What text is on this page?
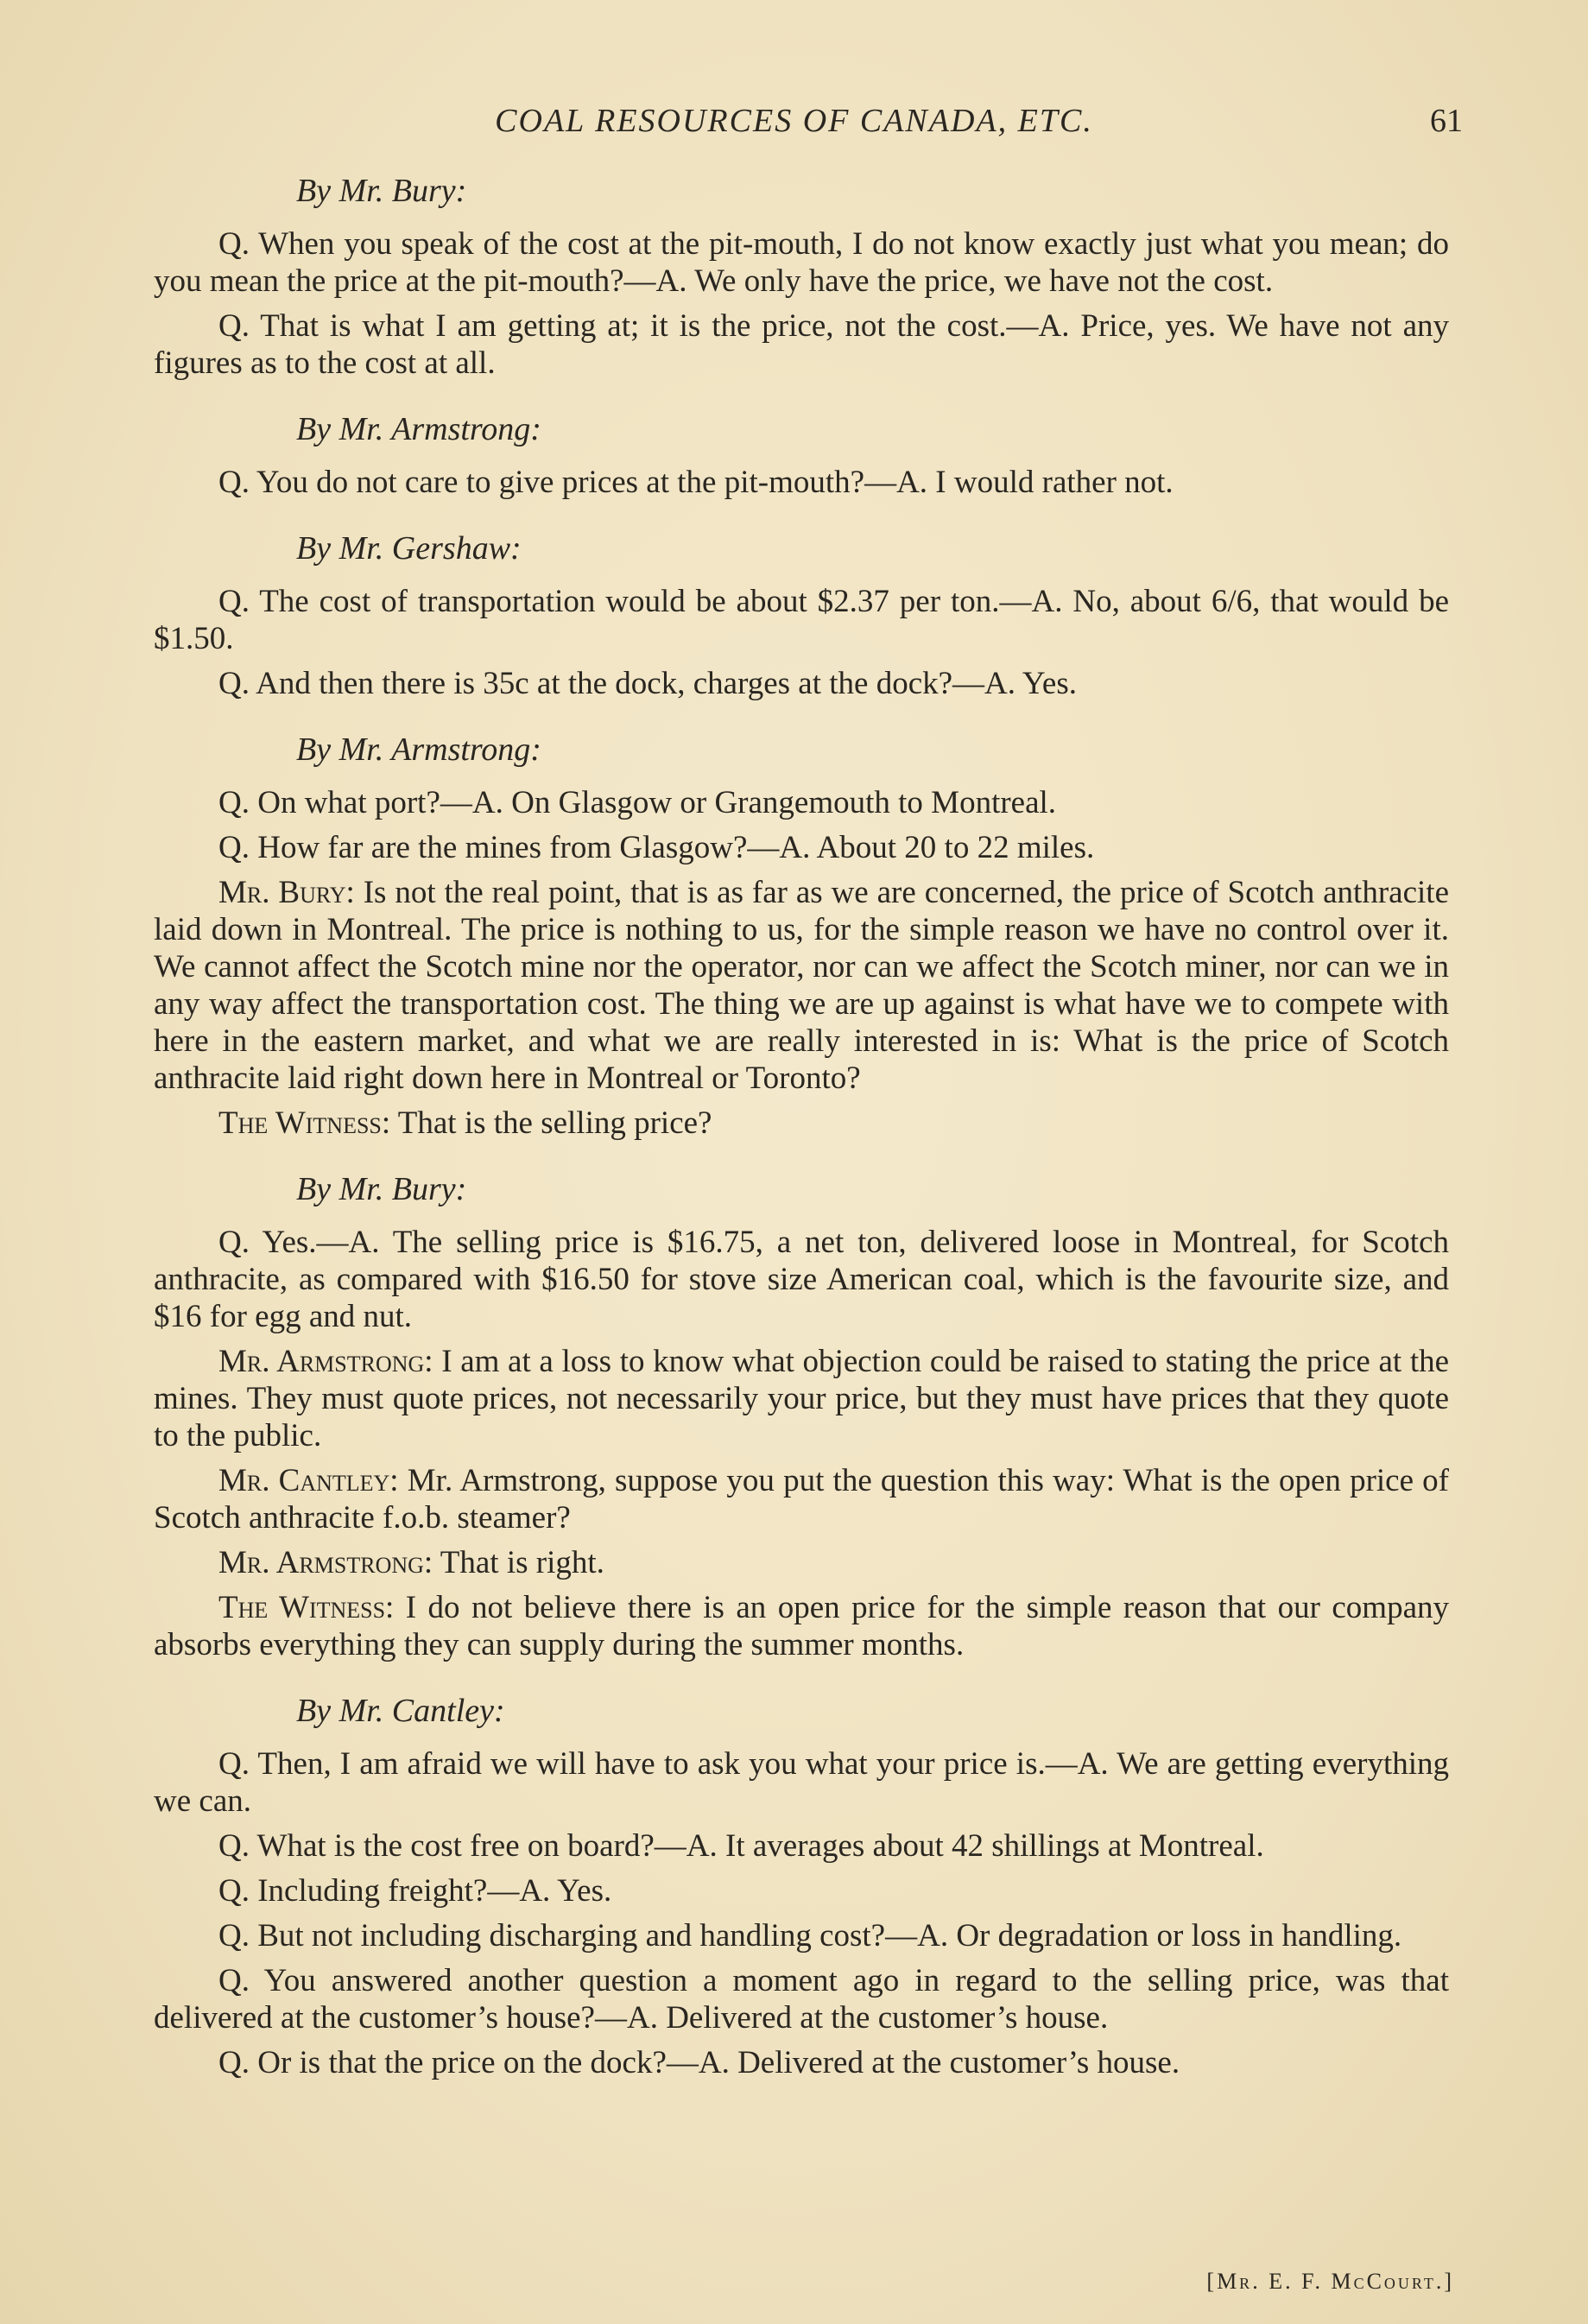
COAL RESOURCES OF CANADA, ETC.	61
By Mr. Bury:

Q. When you speak of the cost at the pit-mouth, I do not know exactly just what you mean; do you mean the price at the pit-mouth?—A. We only have the price, we have not the cost.

Q. That is what I am getting at; it is the price, not the cost.—A. Price, yes. We have not any figures as to the cost at all.

By Mr. Armstrong:

Q. You do not care to give prices at the pit-mouth?—A. I would rather not.

By Mr. Gershaw:

Q. The cost of transportation would be about $2.37 per ton.—A. No, about 6/6, that would be $1.50.

Q. And then there is 35c at the dock, charges at the dock?—A. Yes.

By Mr. Armstrong:

Q. On what port?—A. On Glasgow or Grangemouth to Montreal.

Q. How far are the mines from Glasgow?—A. About 20 to 22 miles.

Mr. Bury: Is not the real point, that is as far as we are concerned, the price of Scotch anthracite laid down in Montreal. The price is nothing to us, for the simple reason we have no control over it. We cannot affect the Scotch mine nor the operator, nor can we affect the Scotch miner, nor can we in any way affect the transportation cost. The thing we are up against is what have we to compete with here in the eastern market, and what we are really interested in is: What is the price of Scotch anthracite laid right down here in Montreal or Toronto?

The Witness: That is the selling price?

By Mr. Bury:

Q. Yes.—A. The selling price is $16.75, a net ton, delivered loose in Montreal, for Scotch anthracite, as compared with $16.50 for stove size American coal, which is the favourite size, and $16 for egg and nut.

Mr. Armstrong: I am at a loss to know what objection could be raised to stating the price at the mines. They must quote prices, not necessarily your price, but they must have prices that they quote to the public.

Mr. Cantley: Mr. Armstrong, suppose you put the question this way: What is the open price of Scotch anthracite f.o.b. steamer?

Mr. Armstrong: That is right.

The Witness: I do not believe there is an open price for the simple reason that our company absorbs everything they can supply during the summer months.

By Mr. Cantley:

Q. Then, I am afraid we will have to ask you what your price is.—A. We are getting everything we can.

Q. What is the cost free on board?—A. It averages about 42 shillings at Montreal.

Q. Including freight?—A. Yes.

Q. But not including discharging and handling cost?—A. Or degradation or loss in handling.

Q. You answered another question a moment ago in regard to the selling price, was that delivered at the customer’s house?—A. Delivered at the customer’s house.

Q. Or is that the price on the dock?—A. Delivered at the customer’s house.

[Mr. E. F. McCourt.]
